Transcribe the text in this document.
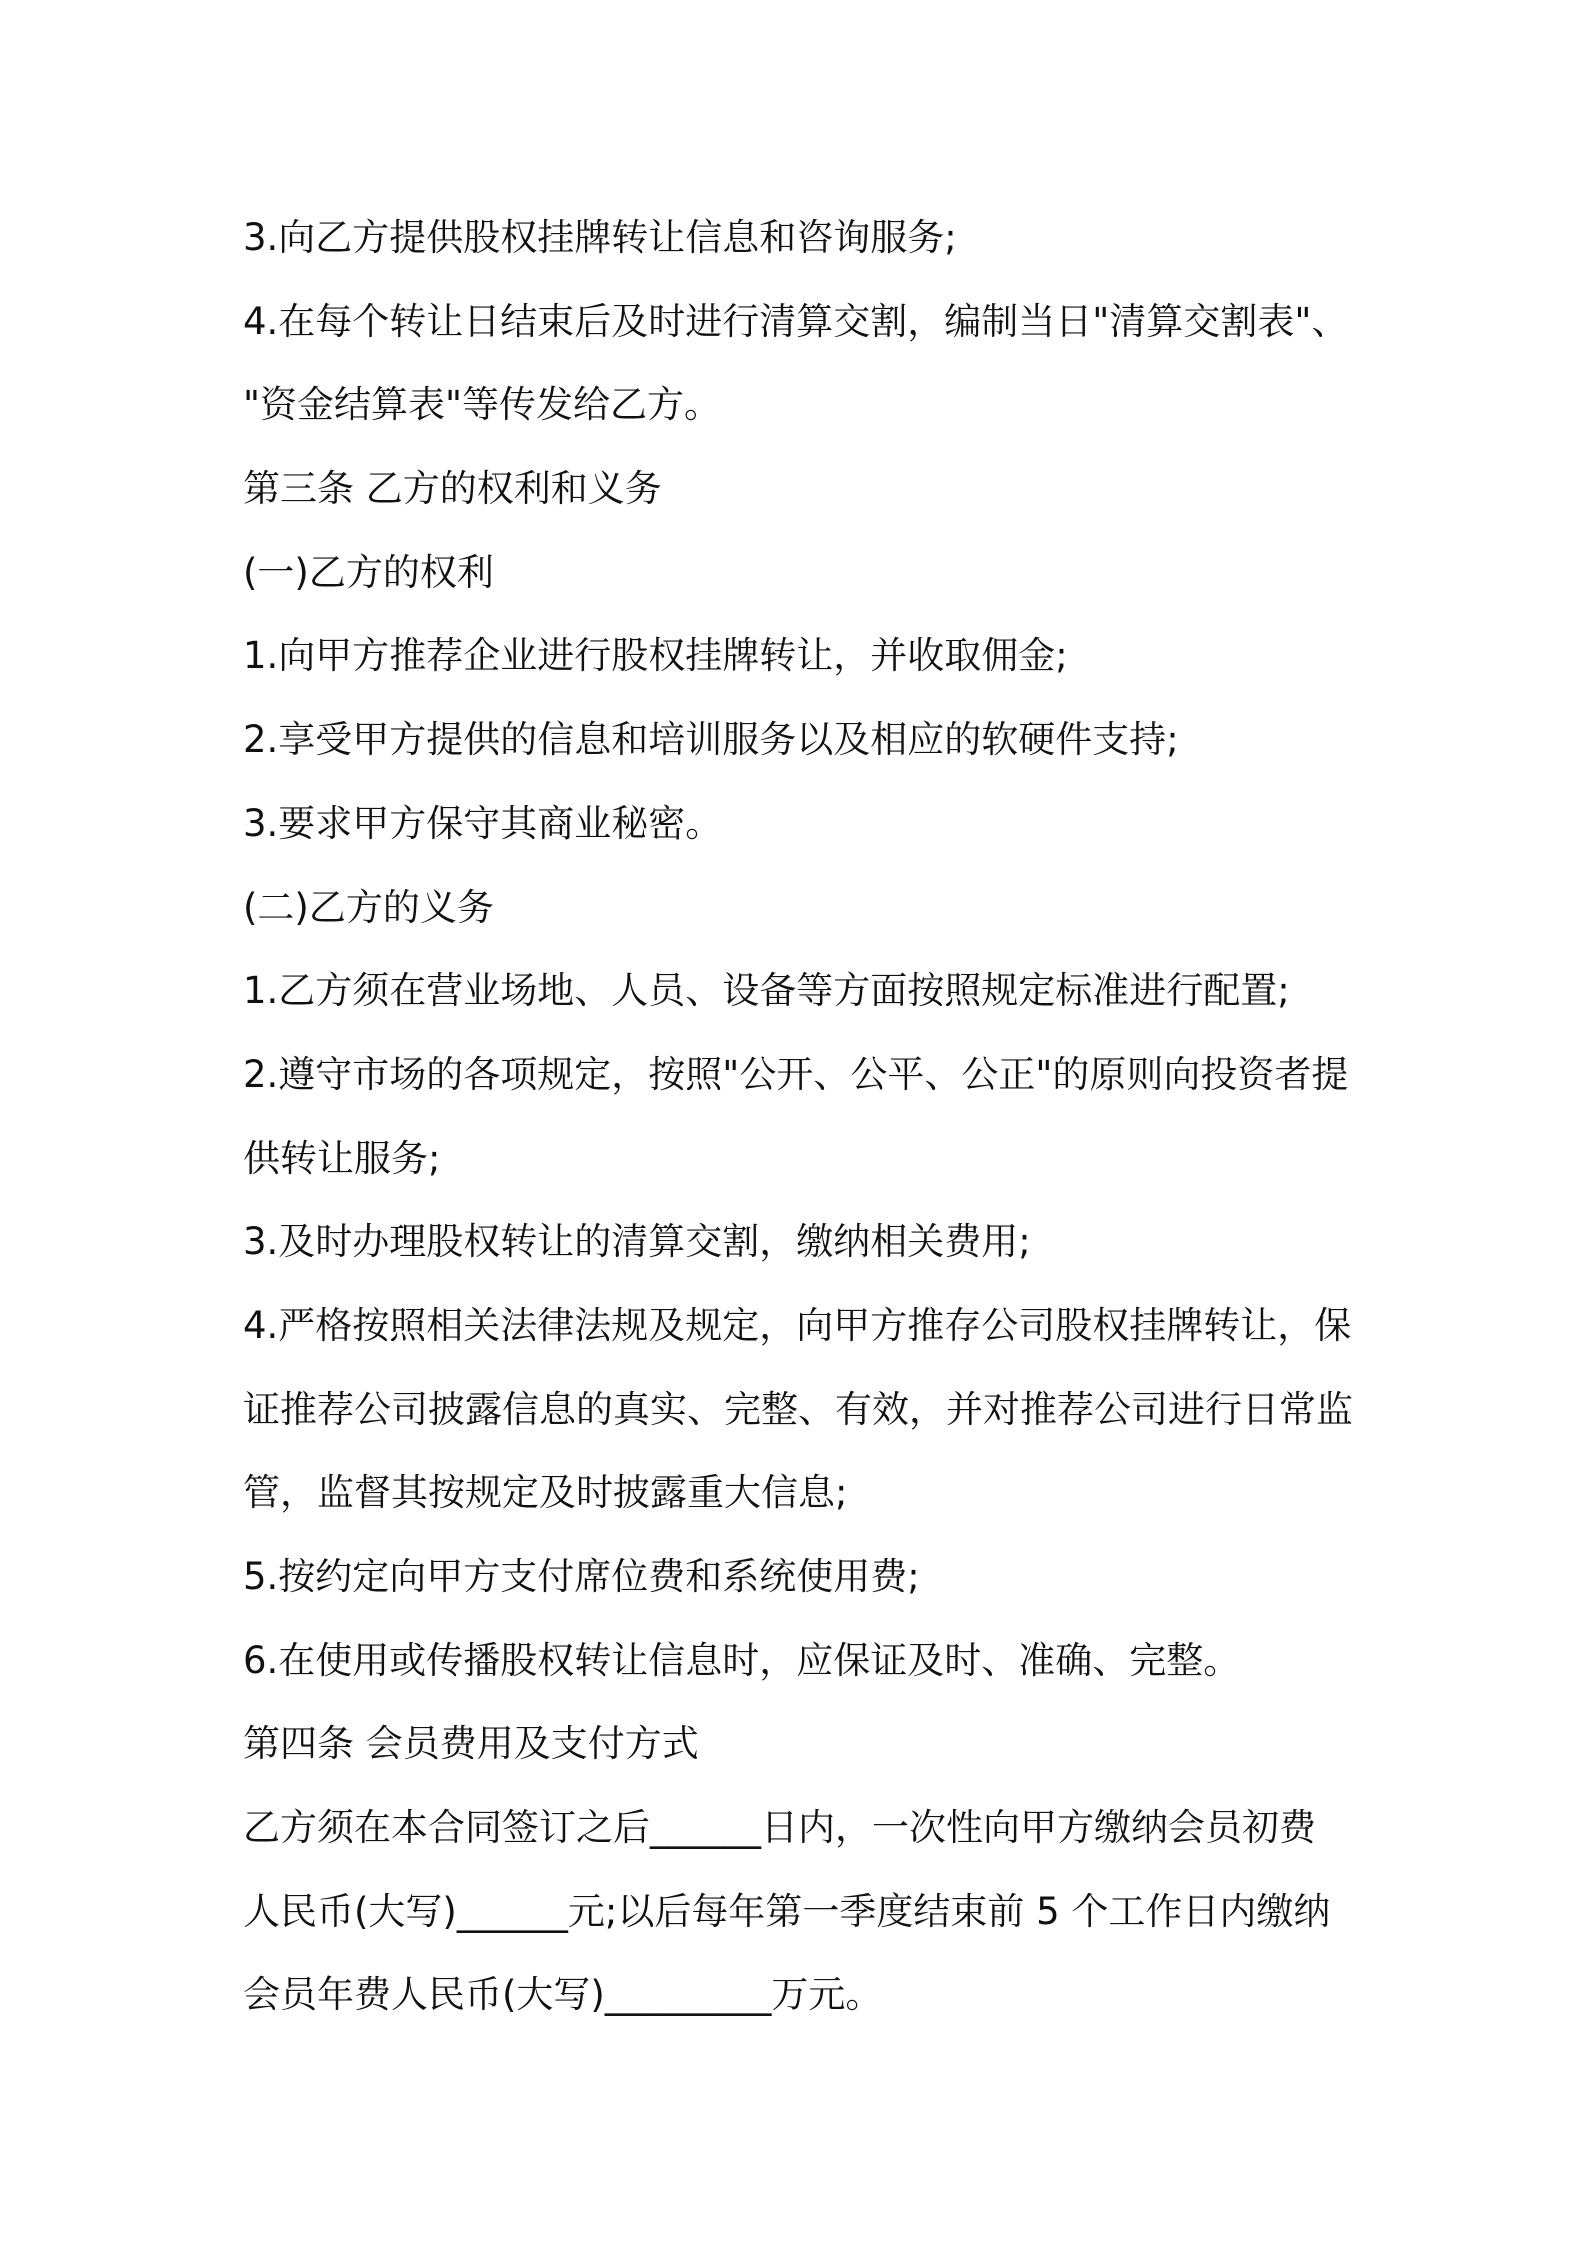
3.向乙方提供股权挂牌转让信息和咨询服务;
4.在每个转让日结束后及时进行清算交割，编制当日"清算交割表"、
"资金结算表"等传发给乙方。
第三条 乙方的权利和义务
(一)乙方的权利
1.向甲方推荐企业进行股权挂牌转让，并收取佣金;
2.享受甲方提供的信息和培训服务以及相应的软硬件支持;
3.要求甲方保守其商业秘密。
(二)乙方的义务
1.乙方须在营业场地、人员、设备等方面按照规定标准进行配置;
2.遵守市场的各项规定，按照"公开、公平、公正"的原则向投资者提
供转让服务;
3.及时办理股权转让的清算交割，缴纳相关费用;
4.严格按照相关法律法规及规定，向甲方推存公司股权挂牌转让，保
证推荐公司披露信息的真实、完整、有效，并对推荐公司进行日常监
管，监督其按规定及时披露重大信息;
5.按约定向甲方支付席位费和系统使用费;
6.在使用或传播股权转让信息时，应保证及时、准确、完整。
第四条 会员费用及支付方式
乙方须在本合同签订之后______日内，一次性向甲方缴纳会员初费
人民币(大写)______元;以后每年第一季度结束前 5 个工作日内缴纳
会员年费人民币(大写)_________万元。
